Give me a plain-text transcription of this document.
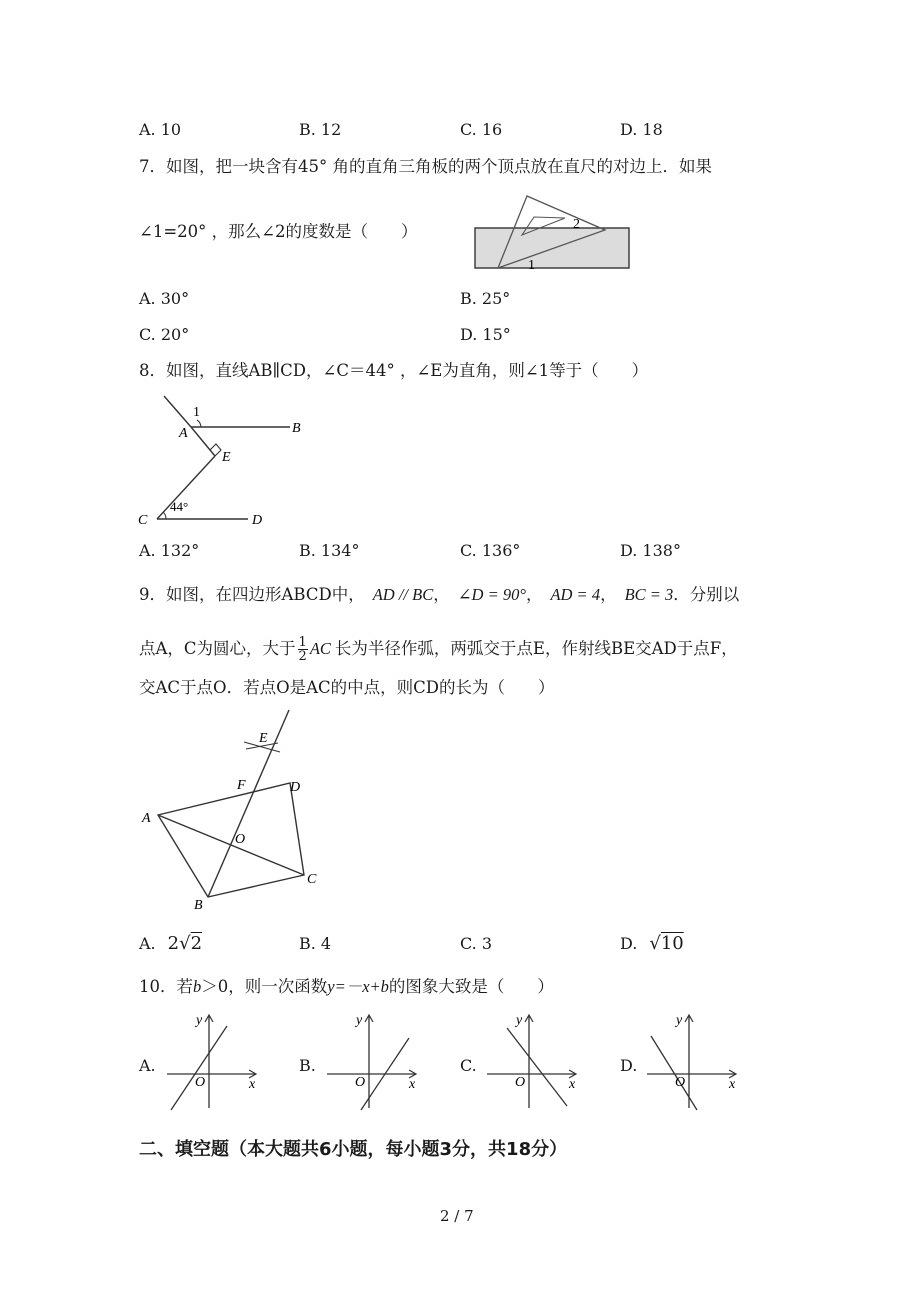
A. 10	B. 12	C. 16	D. 18
7．如图，把一块含有45° 角的直角三角板的两个顶点放在直尺的对边上．如果
∠1=20° ，那么∠2的度数是（　　）	2
1
A. 30°	B. 25°
C. 20°	D. 15°
8．如图，直线AB∥CD，∠C＝44° ，∠E为直角，则∠1等于（　　）
1
A	B
E
44°
C	D
A. 132°	B. 134°	C. 136°	D. 138°
9．如图，在四边形ABCD中， AD // BC， ∠D = 90°， AD = 4， BC = 3．分别以
点A，C为圆心，大于 $\frac{1}{2}$ AC 长为半径作弧，两弧交于点E，作射线BE交AD于点F，
交AC于点O．若点O是AC的中点，则CD的长为（　　）
E
F	D
A
O
C
B
A. 2√2	B. 4	C. 3	D. √10
10．若b＞0，则一次函数y=－x+b的图象大致是（　　）
A.	B.	C.	D.
y
x
O
y
x
O
y
x
O
y
x
O
二、填空题（本大题共6小题，每小题3分，共18分）
2 / 7
